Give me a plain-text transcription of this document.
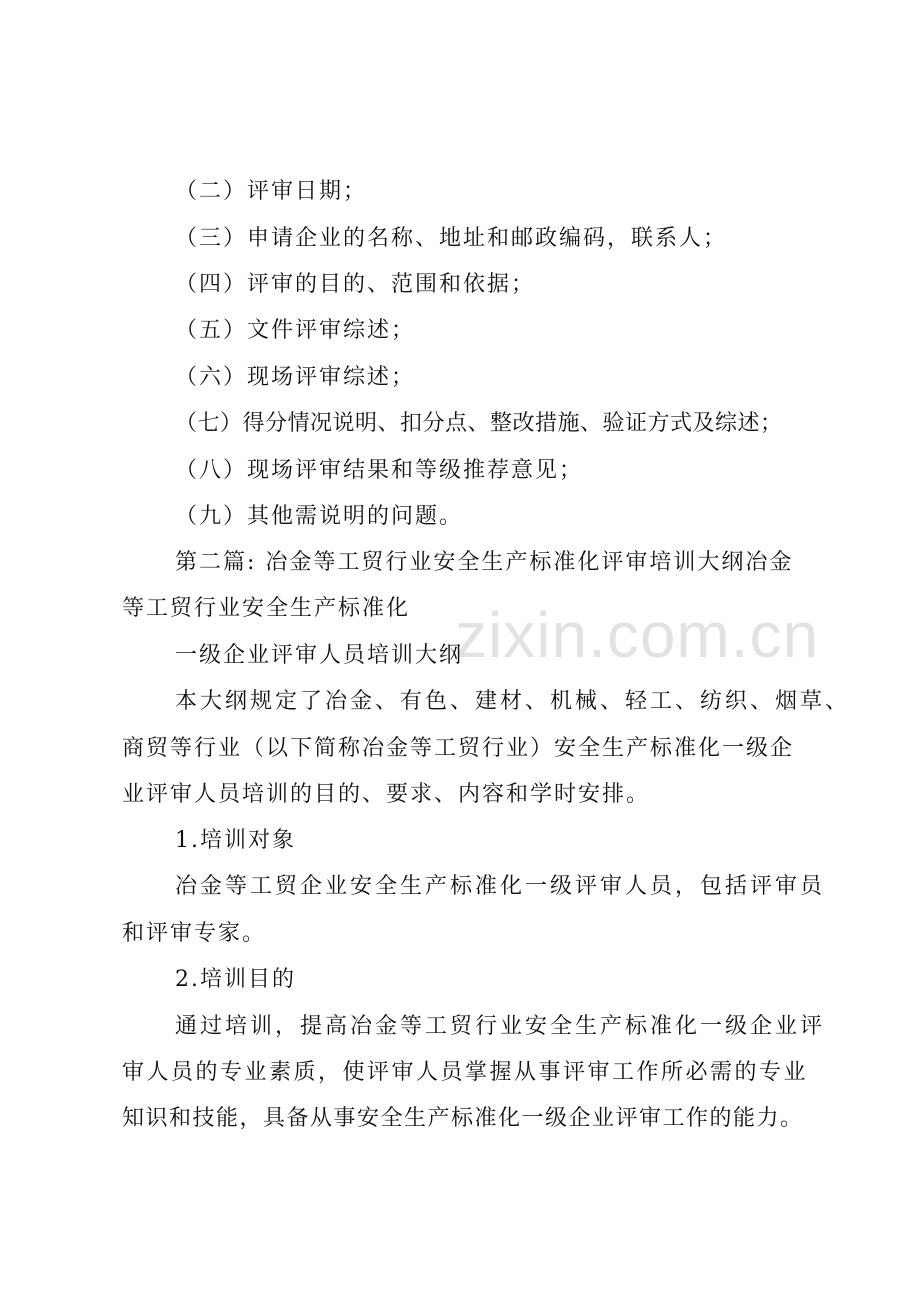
zixin.com.cn
（二）评审日期；
（三）申请企业的名称、地址和邮政编码，联系人；
（四）评审的目的、范围和依据；
（五）文件评审综述；
（六）现场评审综述；
（七）得分情况说明、扣分点、整改措施、验证方式及综述；
（八）现场评审结果和等级推荐意见；
（九）其他需说明的问题。
第二篇: 冶金等工贸行业安全生产标准化评审培训大纲冶金
等工贸行业安全生产标准化
一级企业评审人员培训大纲
本大纲规定了冶金、有色、建材、机械、轻工、纺织、烟草、
商贸等行业（以下简称冶金等工贸行业）安全生产标准化一级企
业评审人员培训的目的、要求、内容和学时安排。
1.培训对象
冶金等工贸企业安全生产标准化一级评审人员，包括评审员
和评审专家。
2.培训目的
通过培训，提高冶金等工贸行业安全生产标准化一级企业评
审人员的专业素质，使评审人员掌握从事评审工作所必需的专业
知识和技能，具备从事安全生产标准化一级企业评审工作的能力。
